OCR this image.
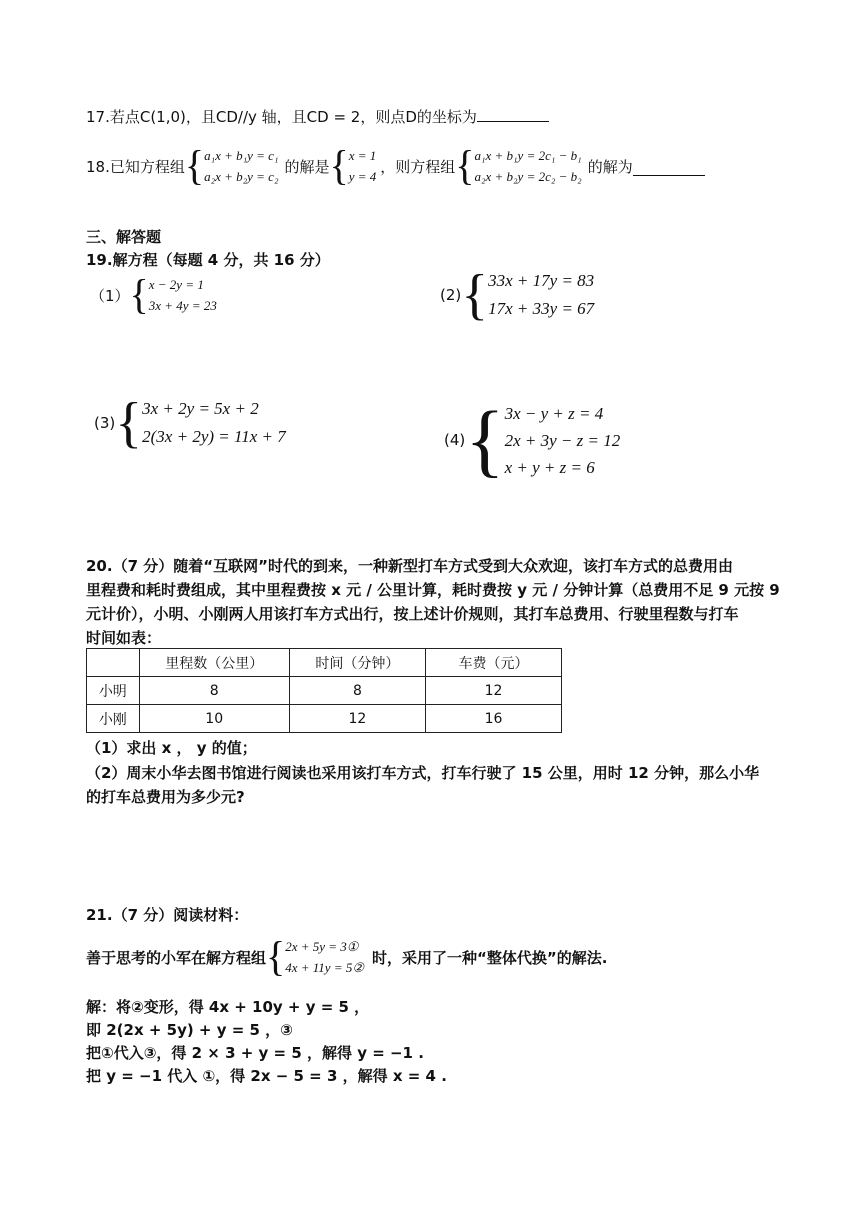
17.若点C(1,0)，且CD//y 轴，且CD = 2，则点D的坐标为
18.已知方程组 { a₁x + b₁y = c₁
a₂x + b₂y = c₂
的解是 { x = 1
y = 4
，则方程组 { a₁x + b₁y = 2c₁ − b₁
a₂x + b₂y = 2c₂ − b₂
的解为
三、解答题
19.解方程（每题 4 分，共 16 分）
（1） { x − 2y = 1
3x + 4y = 23
(2) { 33x + 17y = 83
17x + 33y = 67
(3) { 3x + 2y = 5x + 2
2(3x + 2y) = 11x + 7	(4) { 3x − y + z = 4
2x + 3y − z = 12
x + y + z = 6
20.（7 分）随着“互联网”时代的到来，一种新型打车方式受到大众欢迎，该打车方式的总费用由
里程费和耗时费组成，其中里程费按 x 元 / 公里计算，耗时费按 y 元 / 分钟计算（总费用不足 9 元按 9
元计价），小明、小刚两人用该打车方式出行，按上述计价规则，其打车总费用、行驶里程数与打车
时间如表：
	里程数（公里）	时间（分钟）	车费（元）
小明	8	8	12
小刚	10	12	16
（1）求出 x ， y 的值；
（2）周末小华去图书馆进行阅读也采用该打车方式，打车行驶了 15 公里，用时 12 分钟，那么小华
的打车总费用为多少元?
21.（7 分）阅读材料：
善于思考的小军在解方程组 { 2x + 5y = 3①
4x + 11y = 5②
时，采用了一种“整体代换”的解法.
解：将②变形，得 4x + 10y + y = 5 ，
即 2(2x + 5y) + y = 5 ，③
把①代入③，得 2 × 3 + y = 5 ，解得 y = −1 .
把 y = −1 代入 ①，得 2x − 5 = 3 ，解得 x = 4 .
